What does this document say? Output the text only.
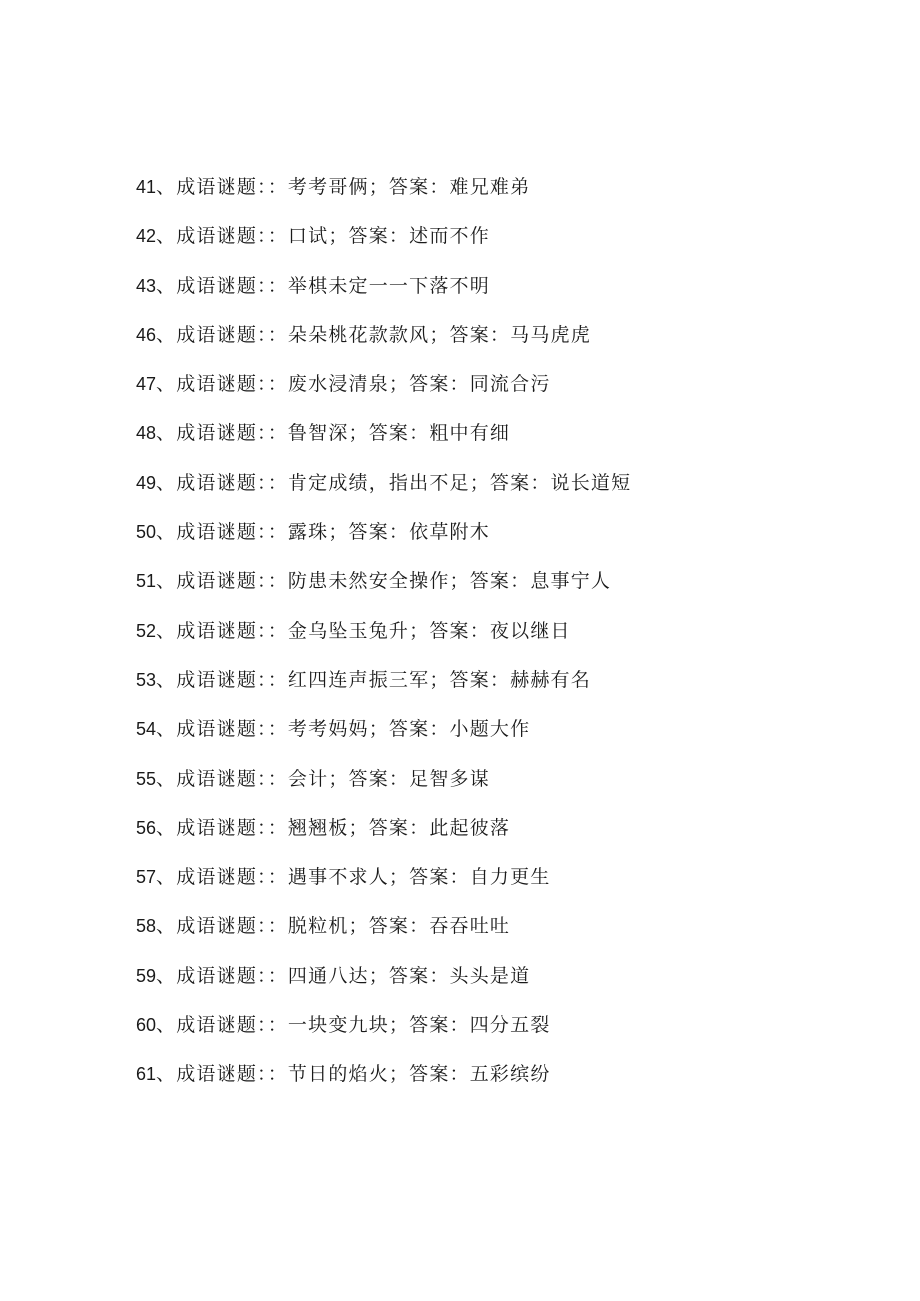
41、成语谜题：：考考哥俩；答案：难兄难弟
42、成语谜题：：口试；答案：述而不作
43、成语谜题：：举棋未定一一下落不明
46、成语谜题：：朵朵桃花款款风；答案：马马虎虎
47、成语谜题：：废水浸清泉；答案：同流合污
48、成语谜题：：鲁智深；答案：粗中有细
49、成语谜题：：肯定成绩，指出不足；答案：说长道短
50、成语谜题：：露珠；答案：依草附木
51、成语谜题：：防患未然安全操作；答案：息事宁人
52、成语谜题：：金乌坠玉兔升；答案：夜以继日
53、成语谜题：：红四连声振三军；答案：赫赫有名
54、成语谜题：：考考妈妈；答案：小题大作
55、成语谜题：：会计；答案：足智多谋
56、成语谜题：：翘翘板；答案：此起彼落
57、成语谜题：：遇事不求人；答案：自力更生
58、成语谜题：：脱粒机；答案：吞吞吐吐
59、成语谜题：：四通八达；答案：头头是道
60、成语谜题：：一块变九块；答案：四分五裂
61、成语谜题：：节日的焰火；答案：五彩缤纷
